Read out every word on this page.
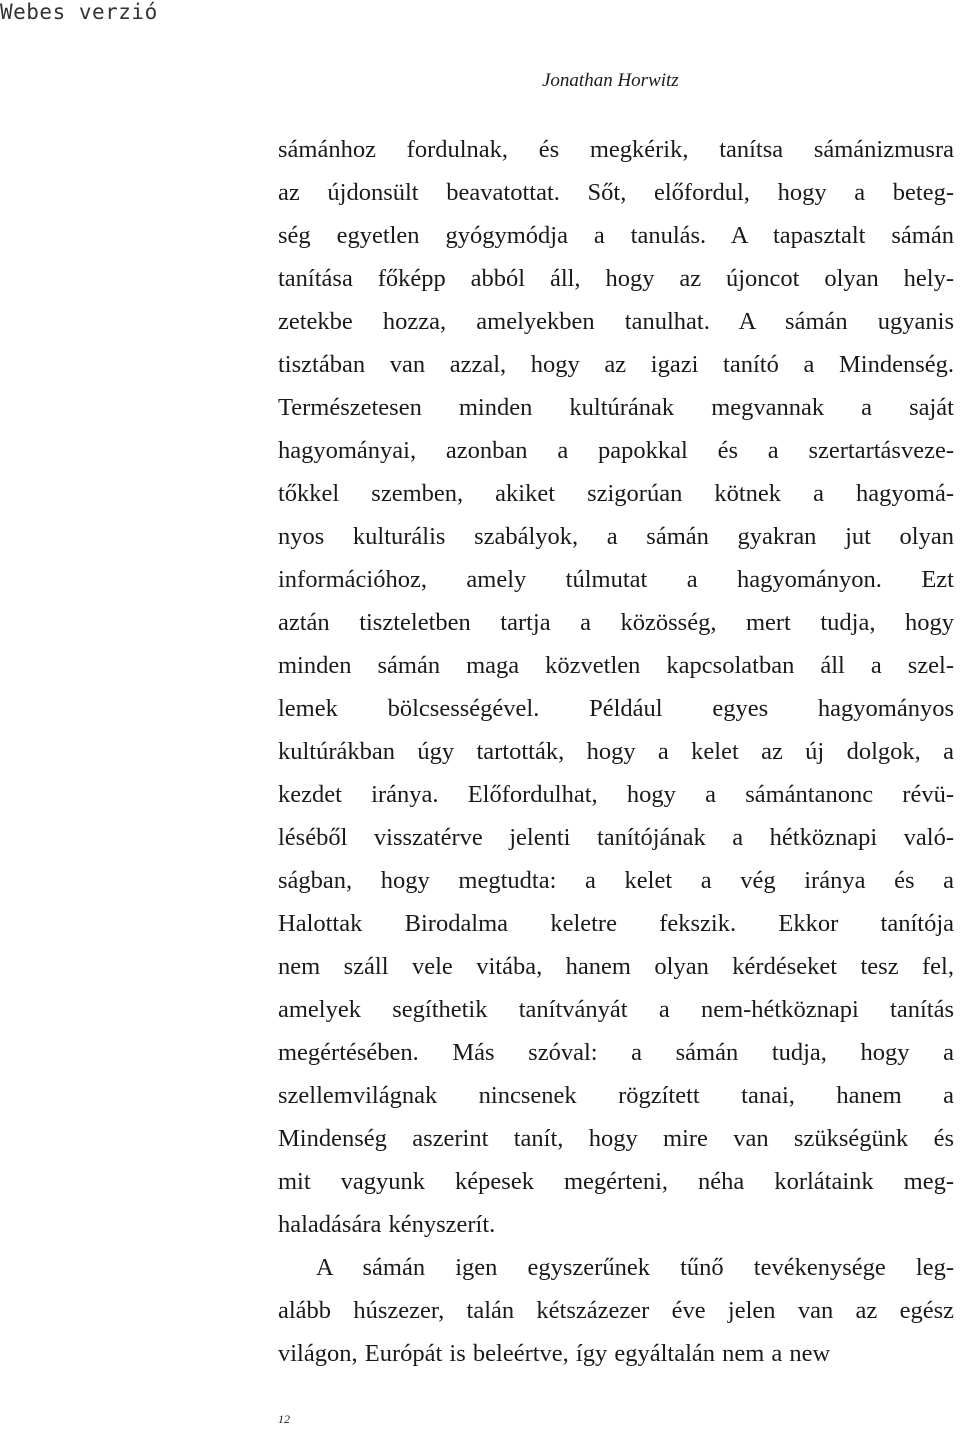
Webes verzió
Jonathan Horwitz
sámánhoz fordulnak, és megkérik, tanítsa sámánizmusra
az újdonsült beavatottat. Sőt, előfordul, hogy a beteg-
ség egyetlen gyógymódja a tanulás. A tapasztalt sámán
tanítása főképp abból áll, hogy az újoncot olyan hely-
zetekbe hozza, amelyekben tanulhat. A sámán ugyanis
tisztában van azzal, hogy az igazi tanító a Mindenség.
Természetesen minden kultúrának megvannak a saját
hagyományai, azonban a papokkal és a szertartásveze-
tőkkel szemben, akiket szigorúan kötnek a hagyomá-
nyos kulturális szabályok, a sámán gyakran jut olyan
információhoz, amely túlmutat a hagyományon. Ezt
aztán tiszteletben tartja a közösség, mert tudja, hogy
minden sámán maga közvetlen kapcsolatban áll a szel-
lemek bölcsességével. Például egyes hagyományos
kultúrákban úgy tartották, hogy a kelet az új dolgok, a
kezdet iránya. Előfordulhat, hogy a sámántanonc révü-
léséből visszatérve jelenti tanítójának a hétköznapi való-
ságban, hogy megtudta: a kelet a vég iránya és a
Halottak Birodalma keletre fekszik. Ekkor tanítója
nem száll vele vitába, hanem olyan kérdéseket tesz fel,
amelyek segíthetik tanítványát a nem-hétköznapi tanítás
megértésében. Más szóval: a sámán tudja, hogy a
szellemvilágnak nincsenek rögzített tanai, hanem a
Mindenség aszerint tanít, hogy mire van szükségünk és
mit vagyunk képesek megérteni, néha korlátaink meg-
haladására kényszerít.
A sámán igen egyszerűnek tűnő tevékenysége leg-
alább húszezer, talán kétszázezer éve jelen van az egész
világon, Európát is beleértve, így egyáltalán nem a new
12
